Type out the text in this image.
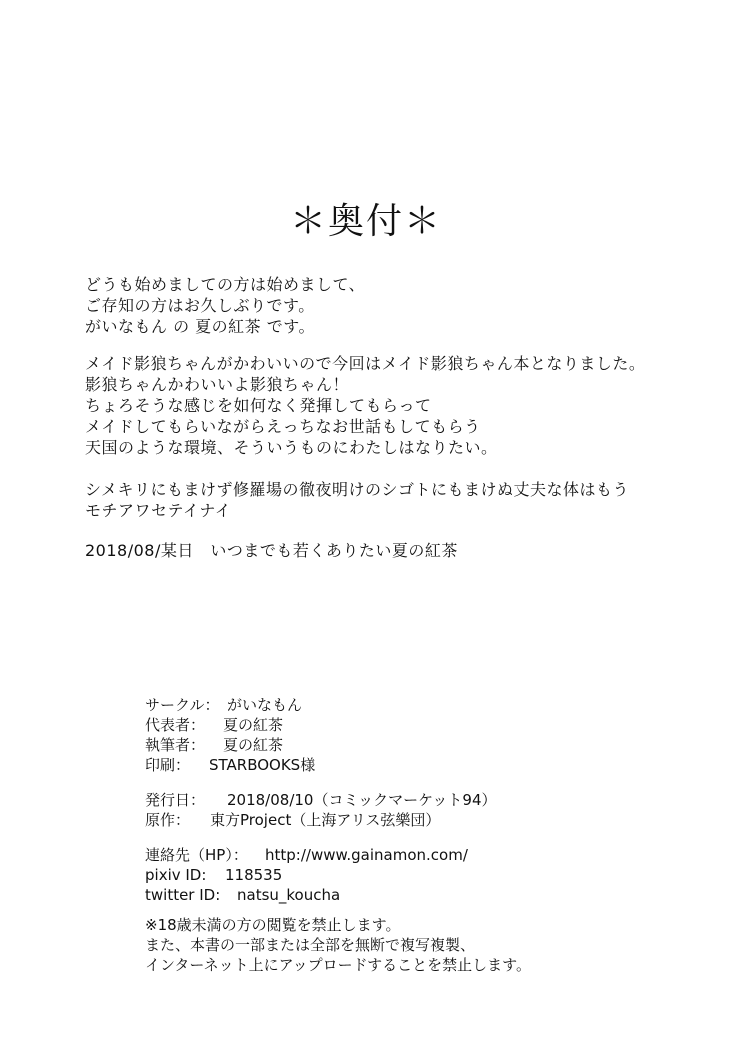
＊奥付＊
どうも始めましての方は始めまして、
ご存知の方はお久しぶりです。
がいなもん の 夏の紅茶 です。
メイド影狼ちゃんがかわいいので今回はメイド影狼ちゃん本となりました。
影狼ちゃんかわいいよ影狼ちゃん！
ちょろそうな感じを如何なく発揮してもらって
メイドしてもらいながらえっちなお世話もしてもらう
天国のような環境、そういうものにわたしはなりたい。
シメキリにもまけず修羅場の徹夜明けのシゴトにもまけぬ丈夫な体はもう
モチアワセテイナイ
2018/08/某日　いつまでも若くありたい夏の紅茶
サークル： がいなもん
代表者： 夏の紅茶
執筆者： 夏の紅茶
印刷： STARBOOKS様
発行日： 2018/08/10（コミックマーケット94）
原作： 東方Project（上海アリス弦樂団）
連絡先（HP）： http://www.gainamon.com/
pixiv ID: 118535
twitter ID: natsu_koucha
※18歳未満の方の閲覧を禁止します。
また、本書の一部または全部を無断で複写複製、
インターネット上にアップロードすることを禁止します。
